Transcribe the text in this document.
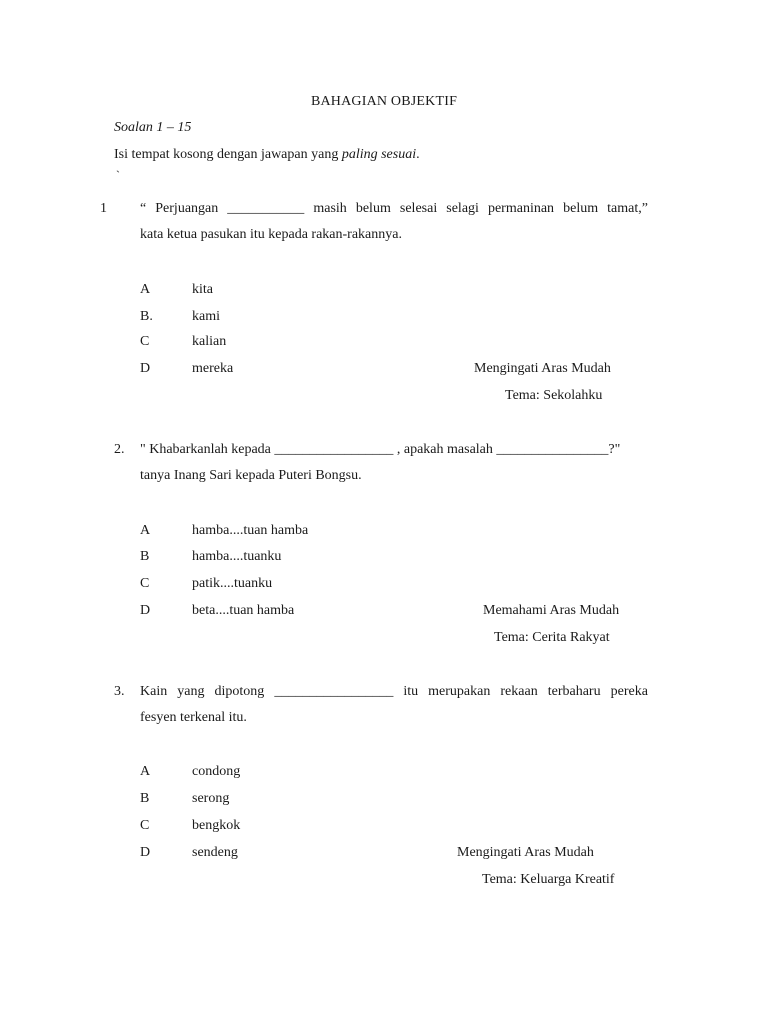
BAHAGIAN OBJEKTIF
Soalan 1 – 15
Isi tempat kosong dengan jawapan yang paling sesuai.
`
1 “ Perjuangan ___________ masih belum selesai selagi permaninan belum tamat,”
kata ketua pasukan itu kepada rakan-rakannya.
A	kita
B.	kami
C	kalian
D	mereka	Mengingati Aras Mudah
Tema: Sekolahku
2. " Khabarkanlah kepada _________________ , apakah masalah ________________?"
tanya Inang Sari kepada Puteri Bongsu.
A	hamba....tuan hamba
B	hamba....tuanku
C	patik....tuanku
D	beta....tuan hamba	Memahami Aras Mudah
Tema: Cerita Rakyat
3. Kain yang dipotong _________________ itu merupakan rekaan terbaharu pereka
fesyen terkenal itu.
A	condong
B	serong
C	bengkok
D	sendeng	Mengingati Aras Mudah
Tema: Keluarga Kreatif
